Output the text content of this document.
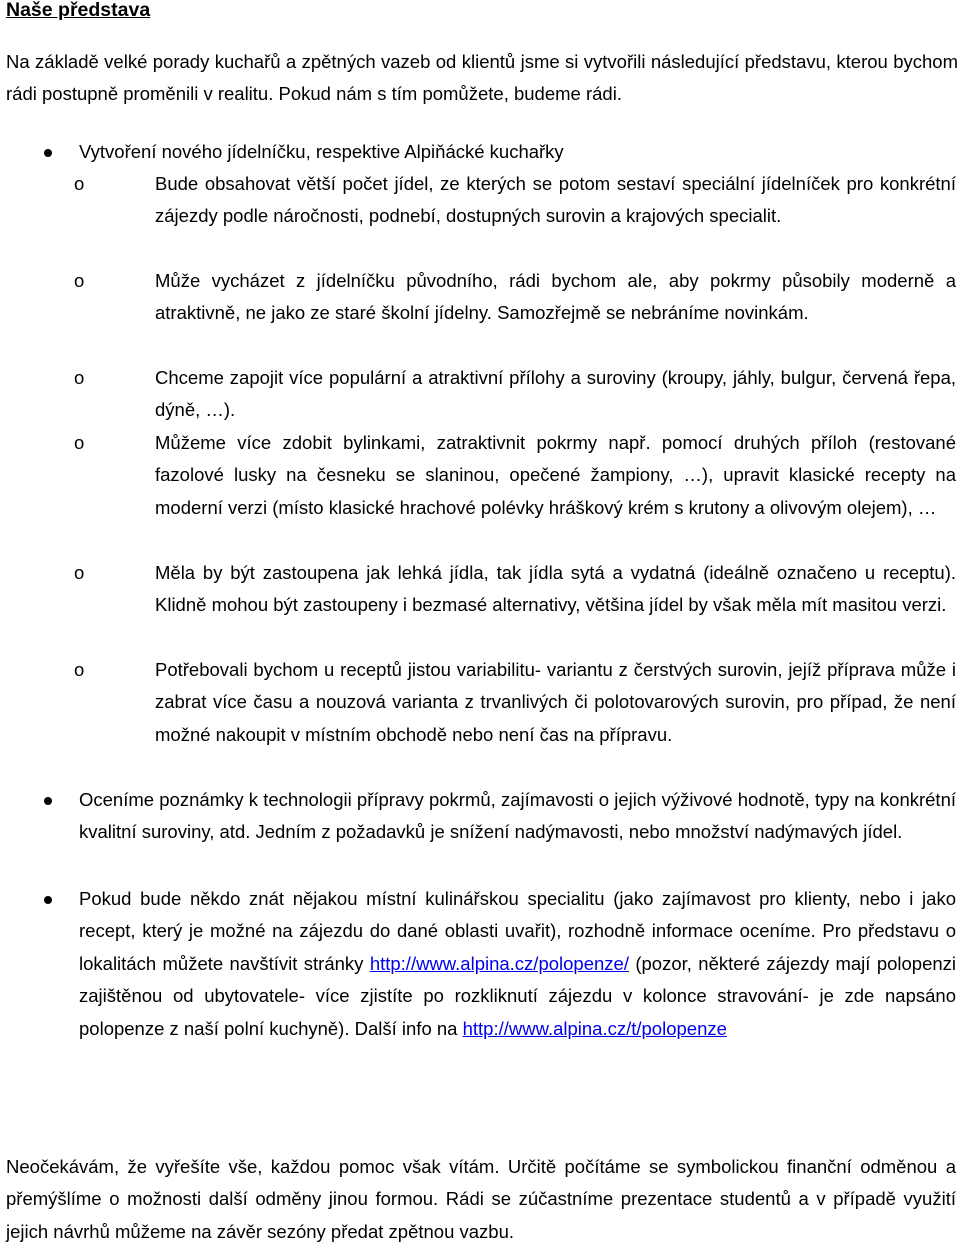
Naše představa

Na základě velké porady kuchařů a zpětných vazeb od klientů jsme si vytvořili následující představu, kterou bychom rádi postupně proměnili v realitu. Pokud nám s tím pomůžete, budeme rádi.

Vytvoření nového jídelníčku, respektive Alpiňácké kuchařky

o	Bude obsahovat větší počet jídel, ze kterých se potom sestaví speciální jídelníček pro konkrétní zájezdy podle náročnosti, podnebí, dostupných surovin a krajových specialit.

o	Může vycházet z jídelníčku původního, rádi bychom ale, aby pokrmy působily moderně a atraktivně, ne jako ze staré školní jídelny. Samozřejmě se nebráníme novinkám.

o	Chceme zapojit více populární a atraktivní přílohy a suroviny (kroupy, jáhly, bulgur, červená řepa, dýně, …).

o	Můžeme více zdobit bylinkami, zatraktivnit pokrmy např. pomocí druhých příloh (restované fazolové lusky na česneku se slaninou, opečené žampiony, …), upravit klasické recepty na moderní verzi (místo klasické hrachové polévky hráškový krém s krutony a olivovým olejem), …

o	Měla by být zastoupena jak lehká jídla, tak jídla sytá a vydatná (ideálně označeno u receptu). Klidně mohou být zastoupeny i bezmasé alternativy, většina jídel by však měla mít masitou verzi.

o	Potřebovali bychom u receptů jistou variabilitu- variantu z čerstvých surovin, jejíž příprava může i zabrat více času a nouzová varianta z trvanlivých či polotovarových surovin, pro případ, že není možné nakoupit v místním obchodě nebo není čas na přípravu.

Oceníme poznámky k technologii přípravy pokrmů, zajímavosti o jejich výživové hodnotě, typy na konkrétní kvalitní suroviny, atd. Jedním z požadavků je snížení nadýmavosti, nebo množství nadýmavých jídel.

Pokud bude někdo znát nějakou místní kulinářskou specialitu (jako zajímavost pro klienty, nebo i jako recept, který je možné na zájezdu do dané oblasti uvařit), rozhodně informace oceníme. Pro představu o lokalitách můžete navštívit stránky http://www.alpina.cz/polopenze/ (pozor, některé zájezdy mají polopenzi zajištěnou od ubytovatele- více zjistíte po rozkliknutí zájezdu v koloncе stravování- je zde napsáno polopenze z naší polní kuchyně). Další info na http://www.alpina.cz/t/polopenze

Neočekávám, že vyřešíte vše, každou pomoc však vítám. Určitě počítáme se symbolickou finanční odměnou a přemýšlíme o možnosti další odměny jinou formou. Rádi se zúčastníme prezentace studentů a v případě využití jejich návrhů můžeme na závěr sezóny předat zpětnou vazbu.
